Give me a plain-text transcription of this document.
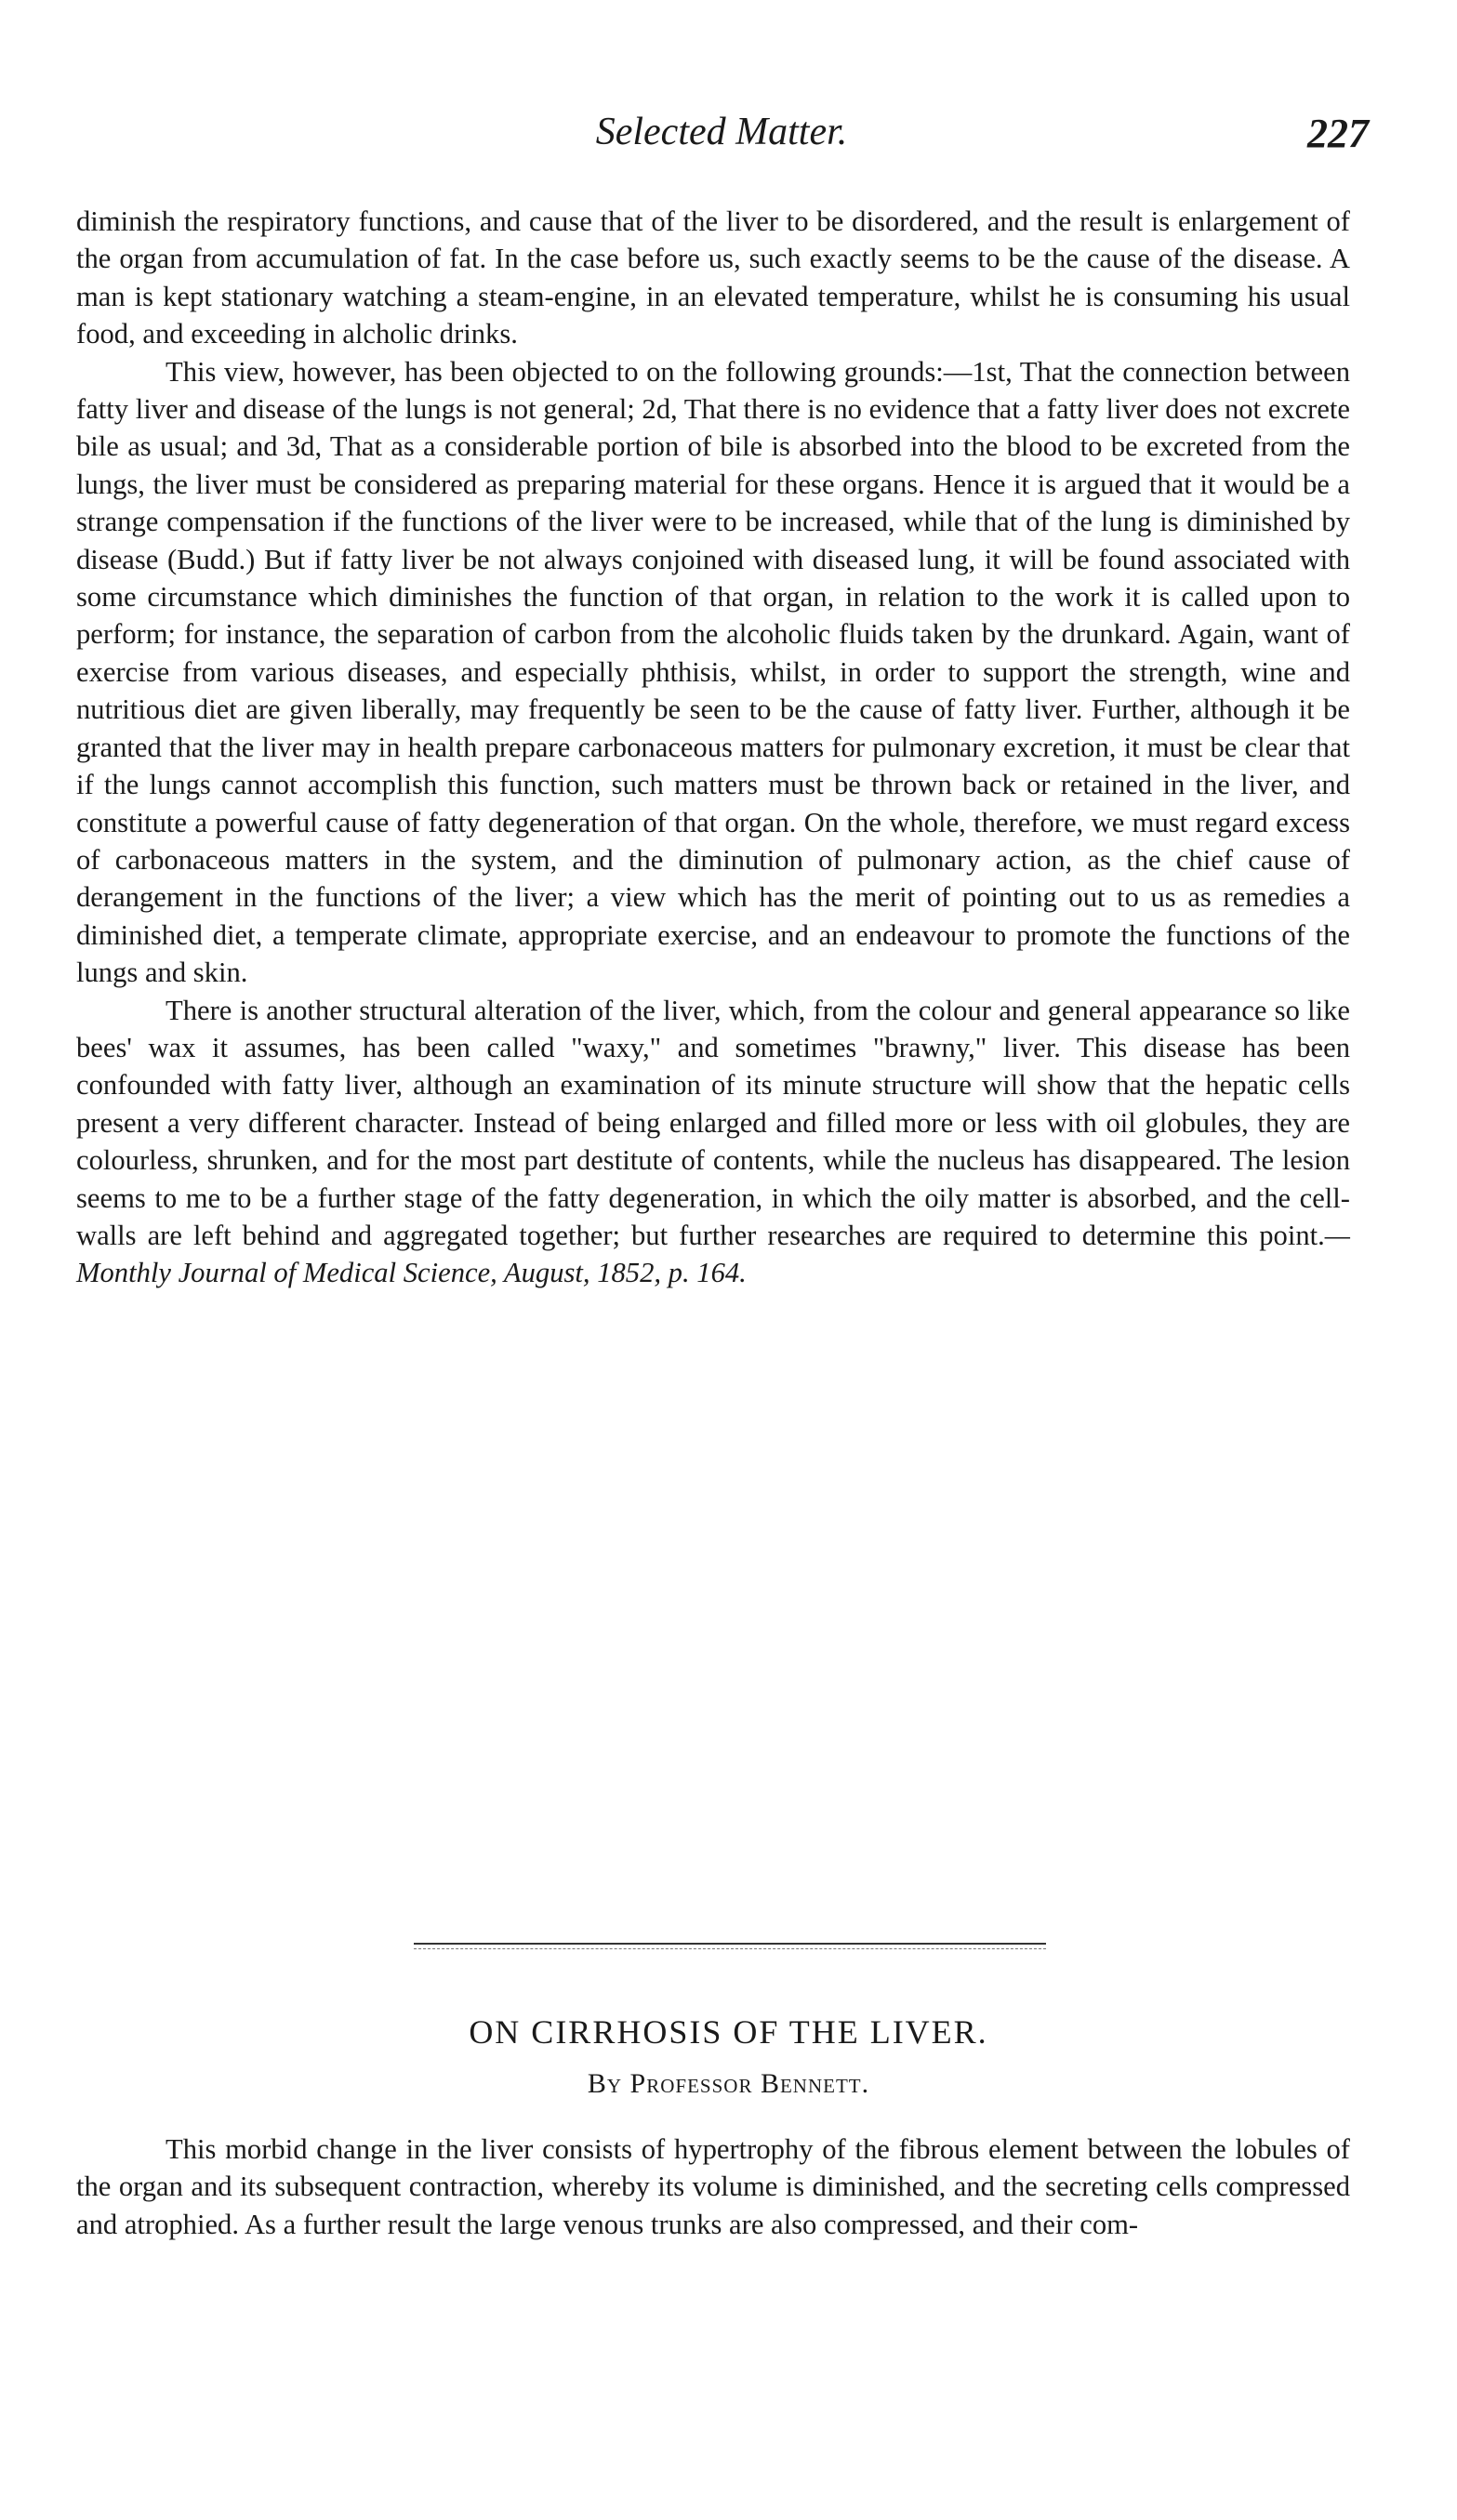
Selected Matter.	227

diminish the respiratory functions, and cause that of the liver to be disordered, and the result is enlargement of the organ from accumulation of fat. In the case before us, such exactly seems to be the cause of the disease. A man is kept stationary watching a steam-engine, in an elevated temperature, whilst he is consuming his usual food, and exceeding in alcholic drinks.

This view, however, has been objected to on the following grounds:—1st, That the connection between fatty liver and disease of the lungs is not general; 2d, That there is no evidence that a fatty liver does not excrete bile as usual; and 3d, That as a considerable portion of bile is absorbed into the blood to be excreted from the lungs, the liver must be considered as preparing material for these organs. Hence it is argued that it would be a strange compensation if the functions of the liver were to be increased, while that of the lung is diminished by disease (Budd.) But if fatty liver be not always conjoined with diseased lung, it will be found associated with some circumstance which diminishes the function of that organ, in relation to the work it is called upon to perform; for instance, the separation of carbon from the alcoholic fluids taken by the drunkard. Again, want of exercise from various diseases, and especially phthisis, whilst, in order to support the strength, wine and nutritious diet are given liberally, may frequently be seen to be the cause of fatty liver. Further, although it be granted that the liver may in health prepare carbonaceous matters for pulmonary excretion, it must be clear that if the lungs cannot accomplish this function, such matters must be thrown back or retained in the liver, and constitute a powerful cause of fatty degeneration of that organ. On the whole, therefore, we must regard excess of carbonaceous matters in the system, and the diminution of pulmonary action, as the chief cause of derangement in the functions of the liver; a view which has the merit of pointing out to us as remedies a diminished diet, a temperate climate, appropriate exercise, and an endeavour to promote the functions of the lungs and skin.

There is another structural alteration of the liver, which, from the colour and general appearance so like bees' wax it assumes, has been called "waxy," and sometimes "brawny," liver. This disease has been confounded with fatty liver, although an examination of its minute structure will show that the hepatic cells present a very different character. Instead of being enlarged and filled more or less with oil globules, they are colourless, shrunken, and for the most part destitute of contents, while the nucleus has disappeared. The lesion seems to me to be a further stage of the fatty degeneration, in which the oily matter is absorbed, and the cell-walls are left behind and aggregated together; but further researches are required to determine this point.—Monthly Journal of Medical Science, August, 1852, p. 164.

ON CIRRHOSIS OF THE LIVER.
By Professor Bennett.

This morbid change in the liver consists of hypertrophy of the fibrous element between the lobules of the organ and its subsequent contraction, whereby its volume is diminished, and the secreting cells compressed and atrophied. As a further result the large venous trunks are also compressed, and their com-
